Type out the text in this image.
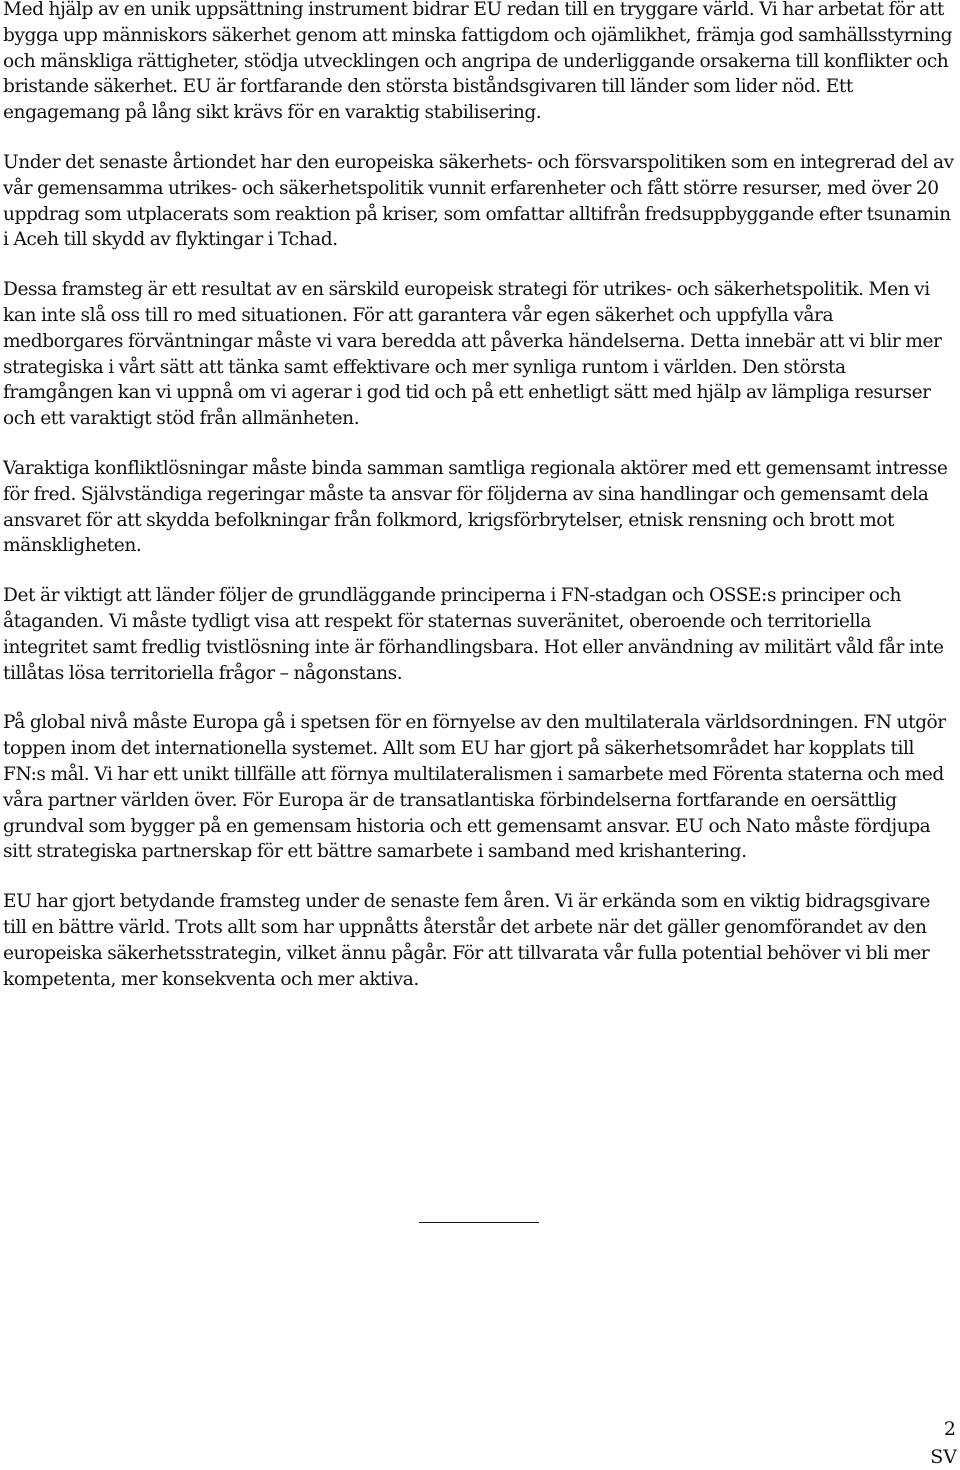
Med hjälp av en unik uppsättning instrument bidrar EU redan till en tryggare värld. Vi har arbetat för att bygga upp människors säkerhet genom att minska fattigdom och ojämlikhet, främja god samhällsstyrning och mänskliga rättigheter, stödja utvecklingen och angripa de underliggande orsakerna till konflikter och bristande säkerhet. EU är fortfarande den största biståndsgivaren till länder som lider nöd. Ett engagemang på lång sikt krävs för en varaktig stabilisering.

Under det senaste årtiondet har den europeiska säkerhets- och försvarspolitiken som en integrerad del av vår gemensamma utrikes- och säkerhetspolitik vunnit erfarenheter och fått större resurser, med över 20 uppdrag som utplacerats som reaktion på kriser, som omfattar alltifrån fredsuppbyggande efter tsunamin i Aceh till skydd av flyktingar i Tchad.

Dessa framsteg är ett resultat av en särskild europeisk strategi för utrikes- och säkerhetspolitik. Men vi kan inte slå oss till ro med situationen. För att garantera vår egen säkerhet och uppfylla våra medborgares förväntningar måste vi vara beredda att påverka händelserna. Detta innebär att vi blir mer strategiska i vårt sätt att tänka samt effektivare och mer synliga runtom i världen. Den största framgången kan vi uppnå om vi agerar i god tid och på ett enhetligt sätt med hjälp av lämpliga resurser och ett varaktigt stöd från allmänheten.

Varaktiga konfliktlösningar måste binda samman samtliga regionala aktörer med ett gemensamt intresse för fred. Självständiga regeringar måste ta ansvar för följderna av sina handlingar och gemensamt dela ansvaret för att skydda befolkningar från folkmord, krigsförbrytelser, etnisk rensning och brott mot mänskligheten.

Det är viktigt att länder följer de grundläggande principerna i FN-stadgan och OSSE:s principer och åtaganden. Vi måste tydligt visa att respekt för staternas suveränitet, oberoende och territoriella integritet samt fredlig tvistlösning inte är förhandlingsbara. Hot eller användning av militärt våld får inte tillåtas lösa territoriella frågor – någonstans.

På global nivå måste Europa gå i spetsen för en förnyelse av den multilaterala världsordningen. FN utgör toppen inom det internationella systemet. Allt som EU har gjort på säkerhetsområdet har kopplats till FN:s mål. Vi har ett unikt tillfälle att förnya multilateralismen i samarbete med Förenta staterna och med våra partner världen över. För Europa är de transatlantiska förbindelserna fortfarande en oersättlig grundval som bygger på en gemensam historia och ett gemensamt ansvar. EU och Nato måste fördjupa sitt strategiska partnerskap för ett bättre samarbete i samband med krishantering.

EU har gjort betydande framsteg under de senaste fem åren. Vi är erkända som en viktig bidragsgivare till en bättre värld. Trots allt som har uppnåtts återstår det arbete när det gäller genomförandet av den europeiska säkerhetsstrategin, vilket ännu pågår. För att tillvarata vår fulla potential behöver vi bli mer kompetenta, mer konsekventa och mer aktiva.

2
SV
